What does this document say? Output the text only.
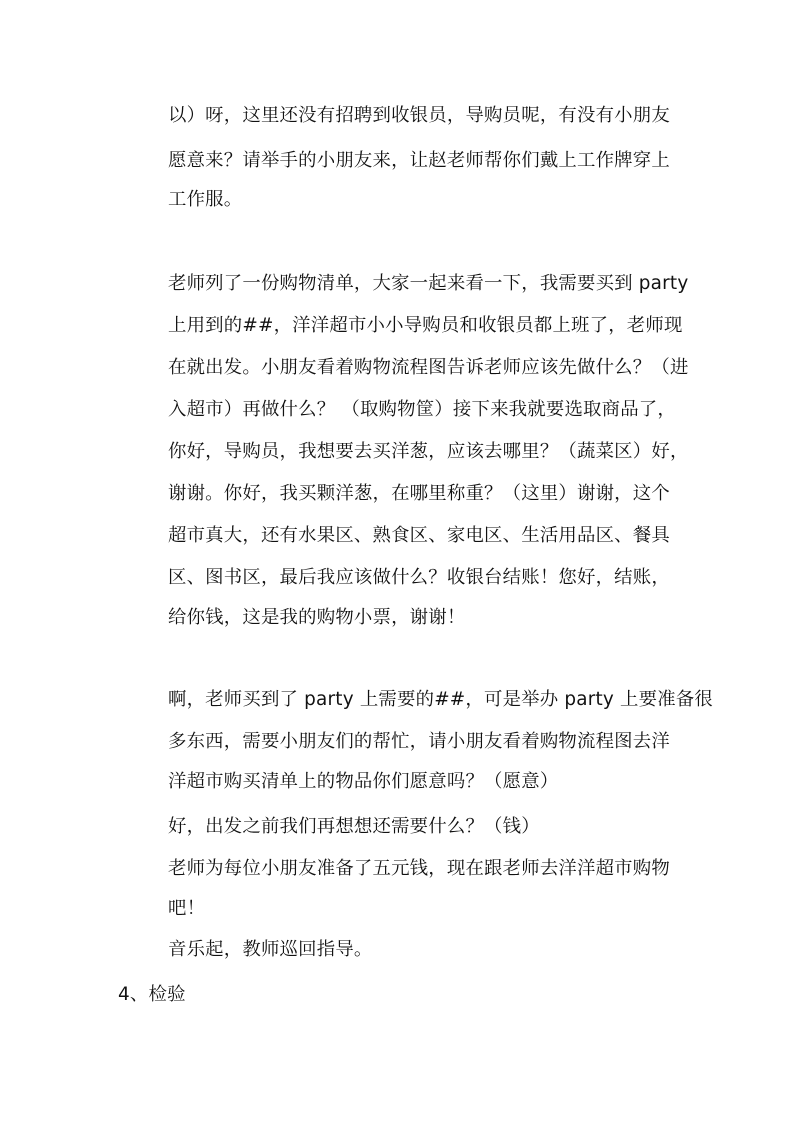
以）呀，这里还没有招聘到收银员，导购员呢，有没有小朋友
愿意来？请举手的小朋友来，让赵老师帮你们戴上工作牌穿上
工作服。
老师列了一份购物清单，大家一起来看一下，我需要买到 party
上用到的##，洋洋超市小小导购员和收银员都上班了，老师现
在就出发。小朋友看着购物流程图告诉老师应该先做什么？（进
入超市）再做什么？ （取购物筐）接下来我就要选取商品了，
你好，导购员，我想要去买洋葱，应该去哪里？（蔬菜区）好，
谢谢。你好，我买颗洋葱，在哪里称重？（这里）谢谢，这个
超市真大，还有水果区、熟食区、家电区、生活用品区、餐具
区、图书区，最后我应该做什么？收银台结账！您好，结账，
给你钱，这是我的购物小票，谢谢！
啊，老师买到了 party 上需要的##，可是举办 party 上要准备很
多东西，需要小朋友们的帮忙，请小朋友看着购物流程图去洋
洋超市购买清单上的物品你们愿意吗？（愿意）
好，出发之前我们再想想还需要什么？（钱）
老师为每位小朋友准备了五元钱，现在跟老师去洋洋超市购物
吧！
音乐起，教师巡回指导。
4、检验
